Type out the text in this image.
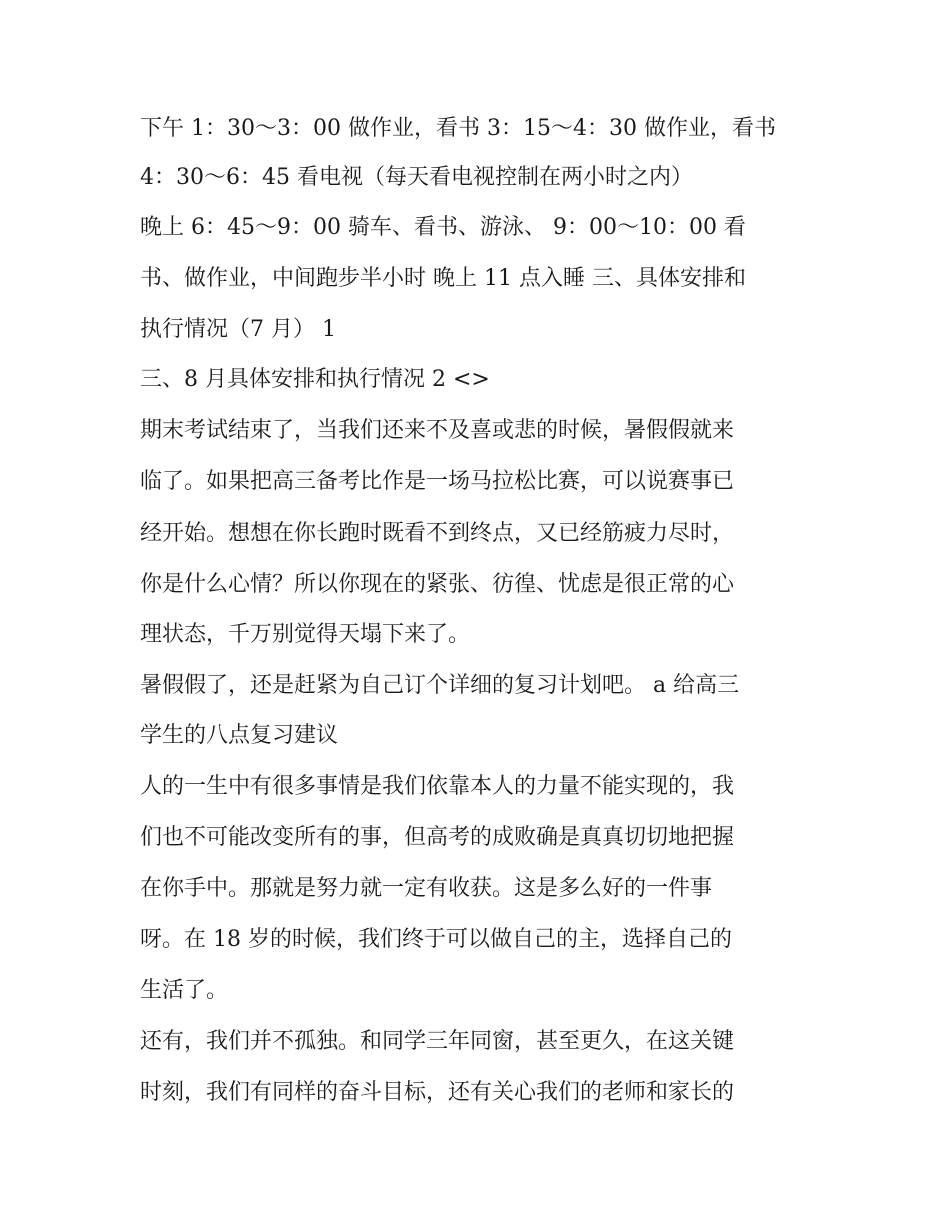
下午 1：30～3：00 做作业，看书 3：15～4：30 做作业，看书
4：30～6：45 看电视（每天看电视控制在两小时之内）
晚上 6：45～9：00 骑车、看书、游泳、 9：00～10：00 看
书、做作业，中间跑步半小时 晚上 11 点入睡 三、具体安排和
执行情况（7 月） 1
三、8 月具体安排和执行情况 2 <>
期末考试结束了，当我们还来不及喜或悲的时候，暑假假就来
临了。如果把高三备考比作是一场马拉松比赛，可以说赛事已
经开始。想想在你长跑时既看不到终点，又已经筋疲力尽时，
你是什么心情？所以你现在的紧张、彷徨、忧虑是很正常的心
理状态，千万别觉得天塌下来了。
暑假假了，还是赶紧为自己订个详细的复习计划吧。 a 给高三
学生的八点复习建议
人的一生中有很多事情是我们依靠本人的力量不能实现的，我
们也不可能改变所有的事，但高考的成败确是真真切切地把握
在你手中。那就是努力就一定有收获。这是多么好的一件事
呀。在 18 岁的时候，我们终于可以做自己的主，选择自己的
生活了。
还有，我们并不孤独。和同学三年同窗，甚至更久，在这关键
时刻，我们有同样的奋斗目标，还有关心我们的老师和家长的
